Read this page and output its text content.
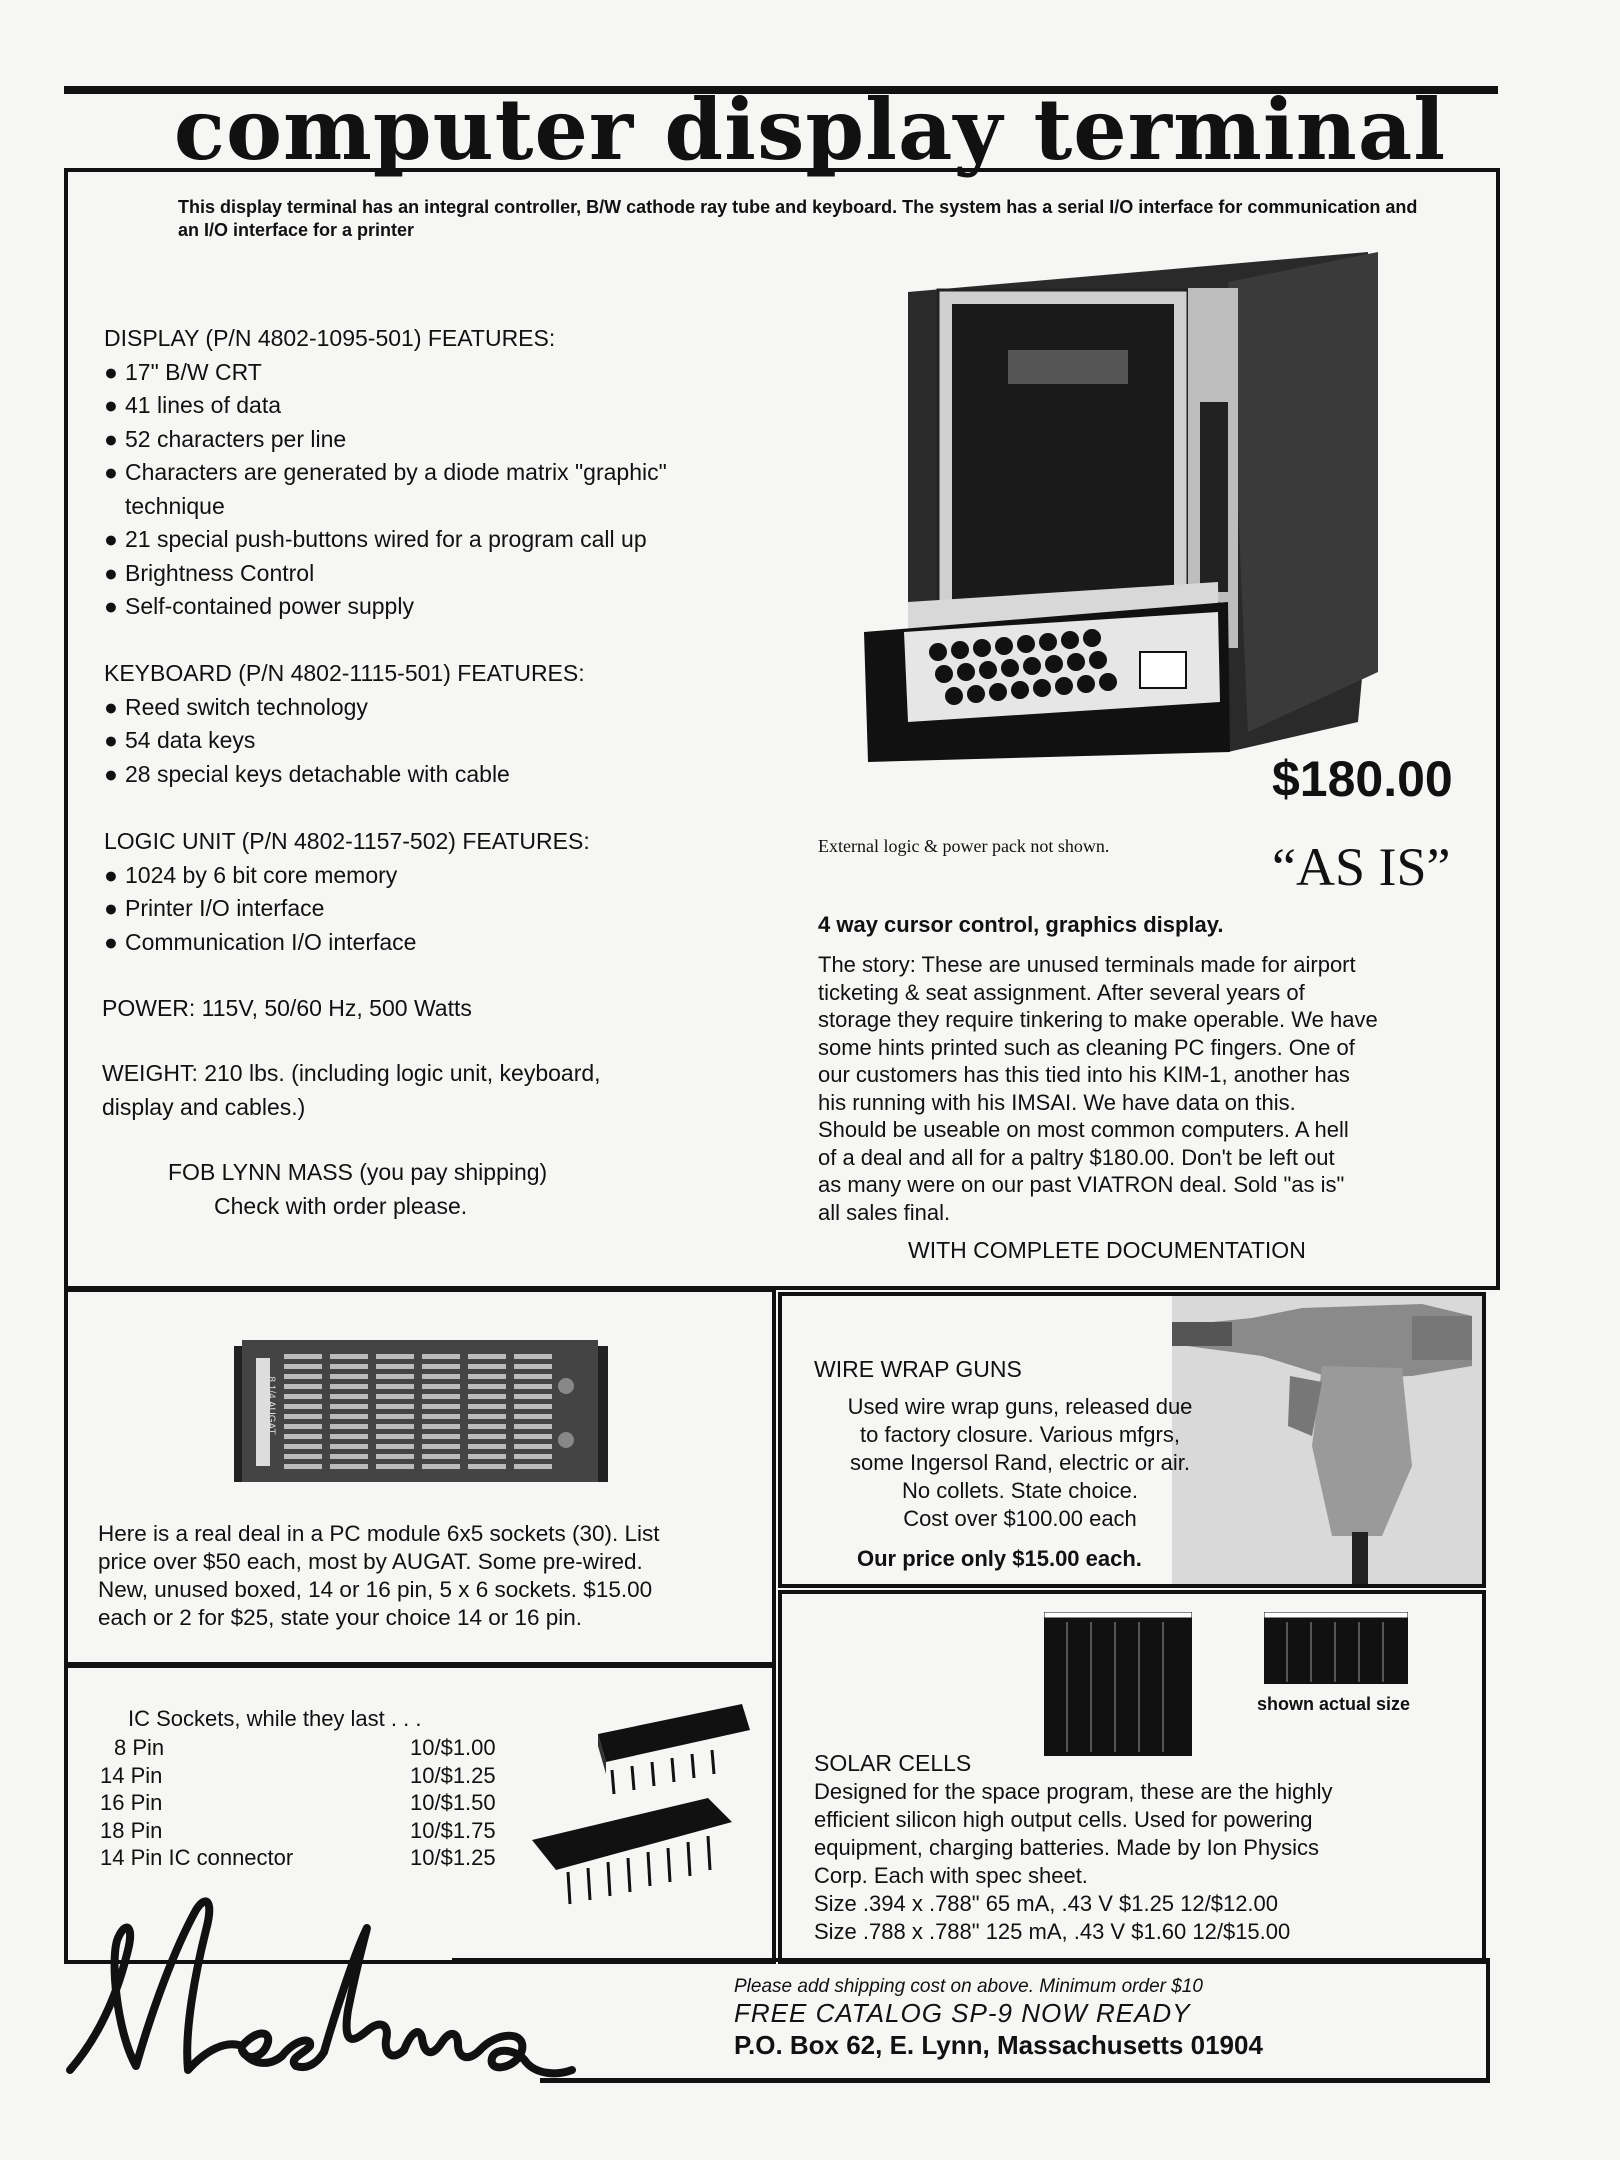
computer display terminal
This display terminal has an integral controller, B/W cathode ray tube and keyboard. The system has a serial I/O interface for communication and an I/O interface for a printer
DISPLAY (P/N 4802-1095-501) FEATURES:
● 17" B/W CRT
● 41 lines of data
● 52 characters per line
● Characters are generated by a diode matrix "graphic"
technique
● 21 special push-buttons wired for a program call up
● Brightness Control
● Self-contained power supply
KEYBOARD (P/N 4802-1115-501) FEATURES:
● Reed switch technology
● 54 data keys
● 28 special keys detachable with cable
LOGIC UNIT (P/N 4802-1157-502) FEATURES:
● 1024 by 6 bit core memory
● Printer I/O interface
● Communication I/O interface
POWER: 115V, 50/60 Hz, 500 Watts
WEIGHT: 210 lbs. (including logic unit, keyboard,
display and cables.)
FOB LYNN MASS (you pay shipping)
Check with order please.
$180.00
External logic & power pack not shown.	“AS IS”
4 way cursor control, graphics display.
The story: These are unused terminals made for airport
ticketing & seat assignment. After several years of
storage they require tinkering to make operable. We have
some hints printed such as cleaning PC fingers. One of
our customers has this tied into his KIM-1, another has
his running with his IMSAI. We have data on this.
Should be useable on most common computers. A hell
of a deal and all for a paltry $180.00. Don't be left out
as many were on our past VIATRON deal. Sold "as is"
all sales final.
WITH COMPLETE DOCUMENTATION
8 1/4 AUGAT
Here is a real deal in a PC module 6x5 sockets (30). List
price over $50 each, most by AUGAT. Some pre-wired.
New, unused boxed, 14 or 16 pin, 5 x 6 sockets. $15.00
each or 2 for $25, state your choice 14 or 16 pin.
WIRE WRAP GUNS
Used wire wrap guns, released due
to factory closure. Various mfgrs,
some Ingersol Rand, electric or air.
No collets. State choice.
Cost over $100.00 each
Our price only $15.00 each.
IC Sockets, while they last . . .
8 Pin	10/$1.00
14 Pin	10/$1.25
16 Pin	10/$1.50
18 Pin	10/$1.75
14 Pin IC connector	10/$1.25
shown actual size
SOLAR CELLS
Designed for the space program, these are the highly
efficient silicon high output cells. Used for powering
equipment, charging batteries. Made by Ion Physics
Corp. Each with spec sheet.
Size .394 x .788" 65 mA, .43 V $1.25 12/$12.00
Size .788 x .788" 125 mA, .43 V $1.60 12/$15.00
Please add shipping cost on above. Minimum order $10
FREE CATALOG SP-9 NOW READY
P.O. Box 62, E. Lynn, Massachusetts 01904
